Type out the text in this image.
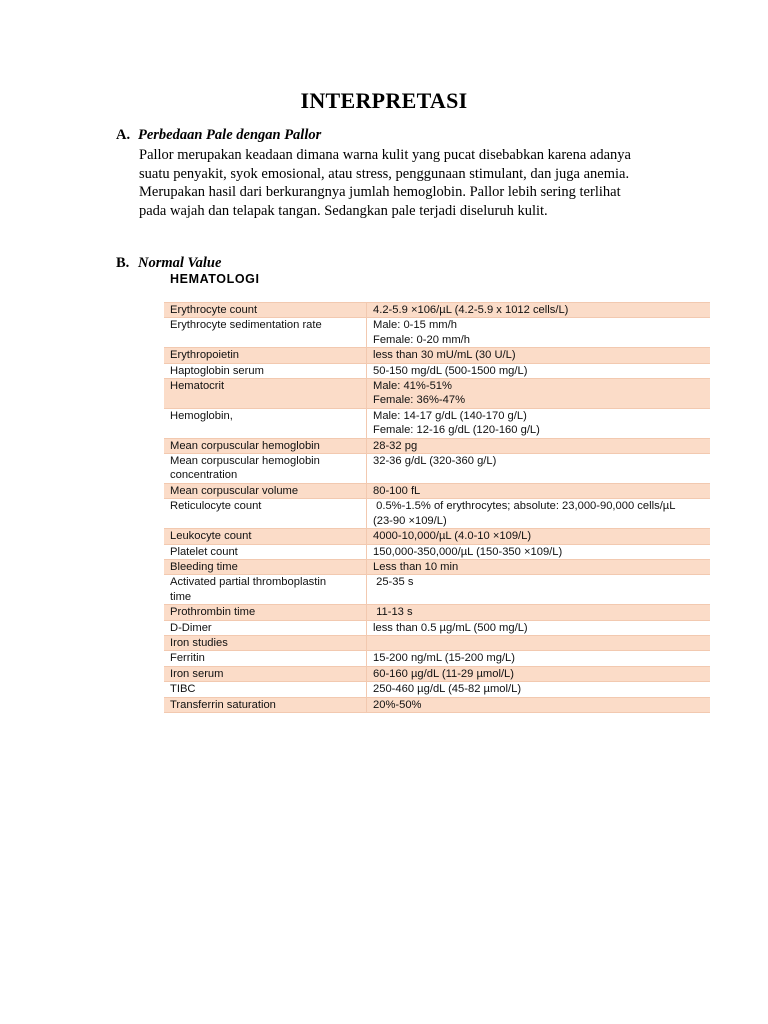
INTERPRETASI
A. Perbedaan Pale dengan Pallor
Pallor merupakan keadaan dimana warna kulit yang pucat disebabkan karena adanya
suatu penyakit, syok emosional, atau stress, penggunaan stimulant, dan juga anemia.
Merupakan hasil dari berkurangnya jumlah hemoglobin. Pallor lebih sering terlihat
pada wajah dan telapak tangan. Sedangkan pale terjadi diseluruh kulit.
B. Normal Value
HEMATOLOGI
Erythrocyte count	4.2-5.9 ×106/µL (4.2-5.9 x 1012 cells/L)

Erythrocyte sedimentation rate	Male: 0-15 mm/h
Female: 0-20 mm/h

Erythropoietin	less than 30 mU/mL (30 U/L)

Haptoglobin serum	50-150 mg/dL (500-1500 mg/L)

Hematocrit	Male: 41%-51%
Female: 36%-47%

Hemoglobin,	Male: 14-17 g/dL (140-170 g/L)
Female: 12-16 g/dL (120-160 g/L)

Mean corpuscular hemoglobin	28-32 pg

Mean corpuscular hemoglobin
concentration	32-36 g/dL (320-360 g/L)

Mean corpuscular volume	80-100 fL

Reticulocyte count	0.5%-1.5% of erythrocytes; absolute: 23,000-90,000 cells/µL
(23-90 ×109/L)

Leukocyte count	4000-10,000/µL (4.0-10 ×109/L)

Platelet count	150,000-350,000/µL (150-350 ×109/L)

Bleeding time	Less than 10 min

Activated partial thromboplastin
time	25-35 s

Prothrombin time	11-13 s

D-Dimer	less than 0.5 µg/mL (500 mg/L)

Iron studies	

Ferritin	15-200 ng/mL (15-200 mg/L)

Iron serum	60-160 µg/dL (11-29 µmol/L)

TIBC	250-460 µg/dL (45-82 µmol/L)

Transferrin saturation	20%-50%
